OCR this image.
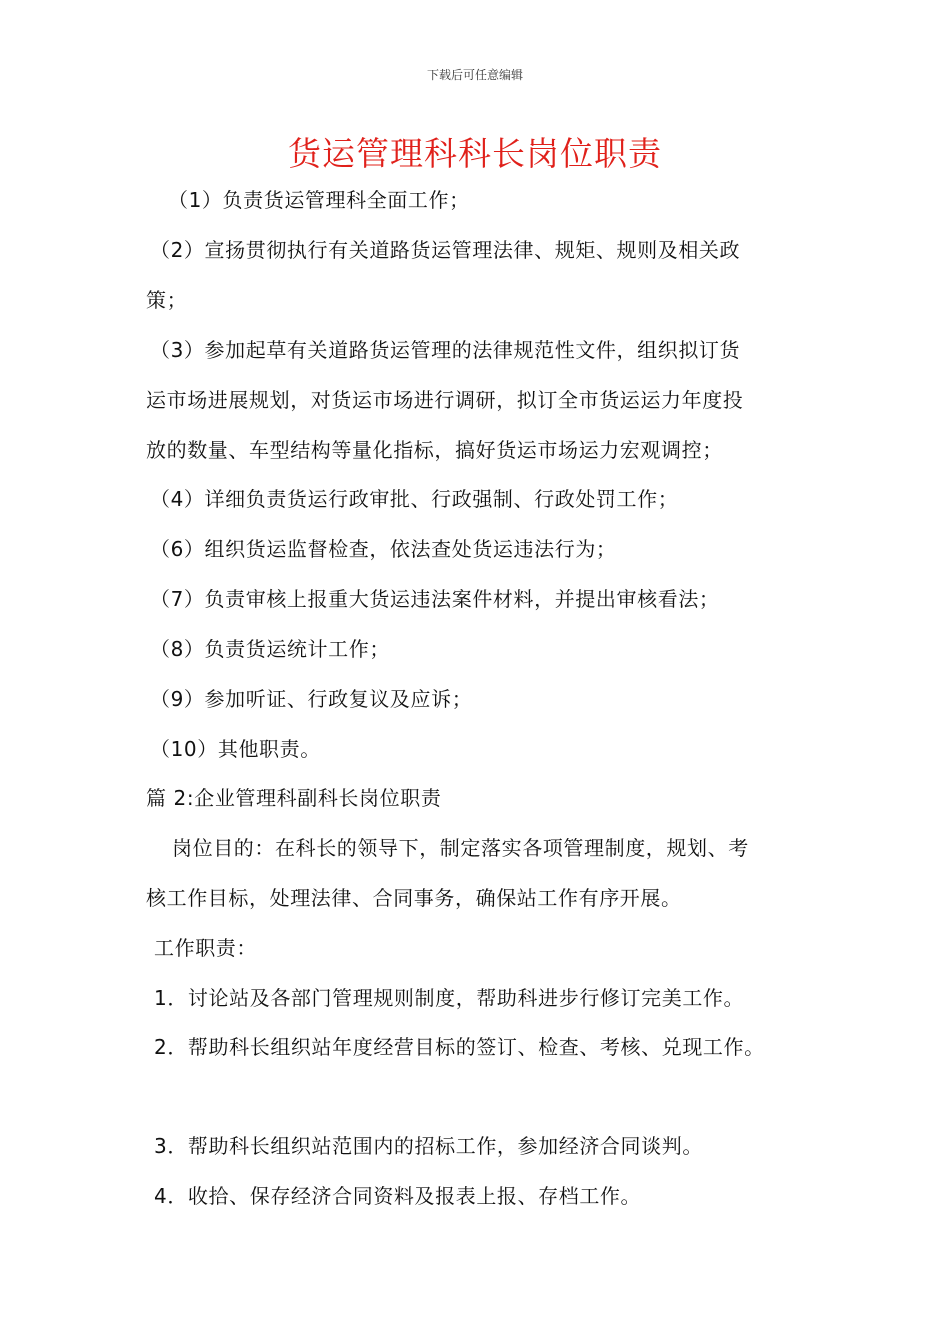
下载后可任意编辑
货运管理科科长岗位职责
（1）负责货运管理科全面工作；
（2）宣扬贯彻执行有关道路货运管理法律、规矩、规则及相关政
策；
（3）参加起草有关道路货运管理的法律规范性文件，组织拟订货
运市场进展规划，对货运市场进行调研，拟订全市货运运力年度投
放的数量、车型结构等量化指标，搞好货运市场运力宏观调控；
（4）详细负责货运行政审批、行政强制、行政处罚工作；
（6）组织货运监督检查，依法查处货运违法行为；
（7）负责审核上报重大货运违法案件材料，并提出审核看法；
（8）负责货运统计工作；
（9）参加听证、行政复议及应诉；
（10）其他职责。
篇 2:企业管理科副科长岗位职责
岗位目的：在科长的领导下，制定落实各项管理制度，规划、考
核工作目标，处理法律、合同事务，确保站工作有序开展。
工作职责：
1．讨论站及各部门管理规则制度，帮助科进步行修订完美工作。
2．帮助科长组织站年度经营目标的签订、检查、考核、兑现工作。
3．帮助科长组织站范围内的招标工作，参加经济合同谈判。
4．收拾、保存经济合同资料及报表上报、存档工作。
